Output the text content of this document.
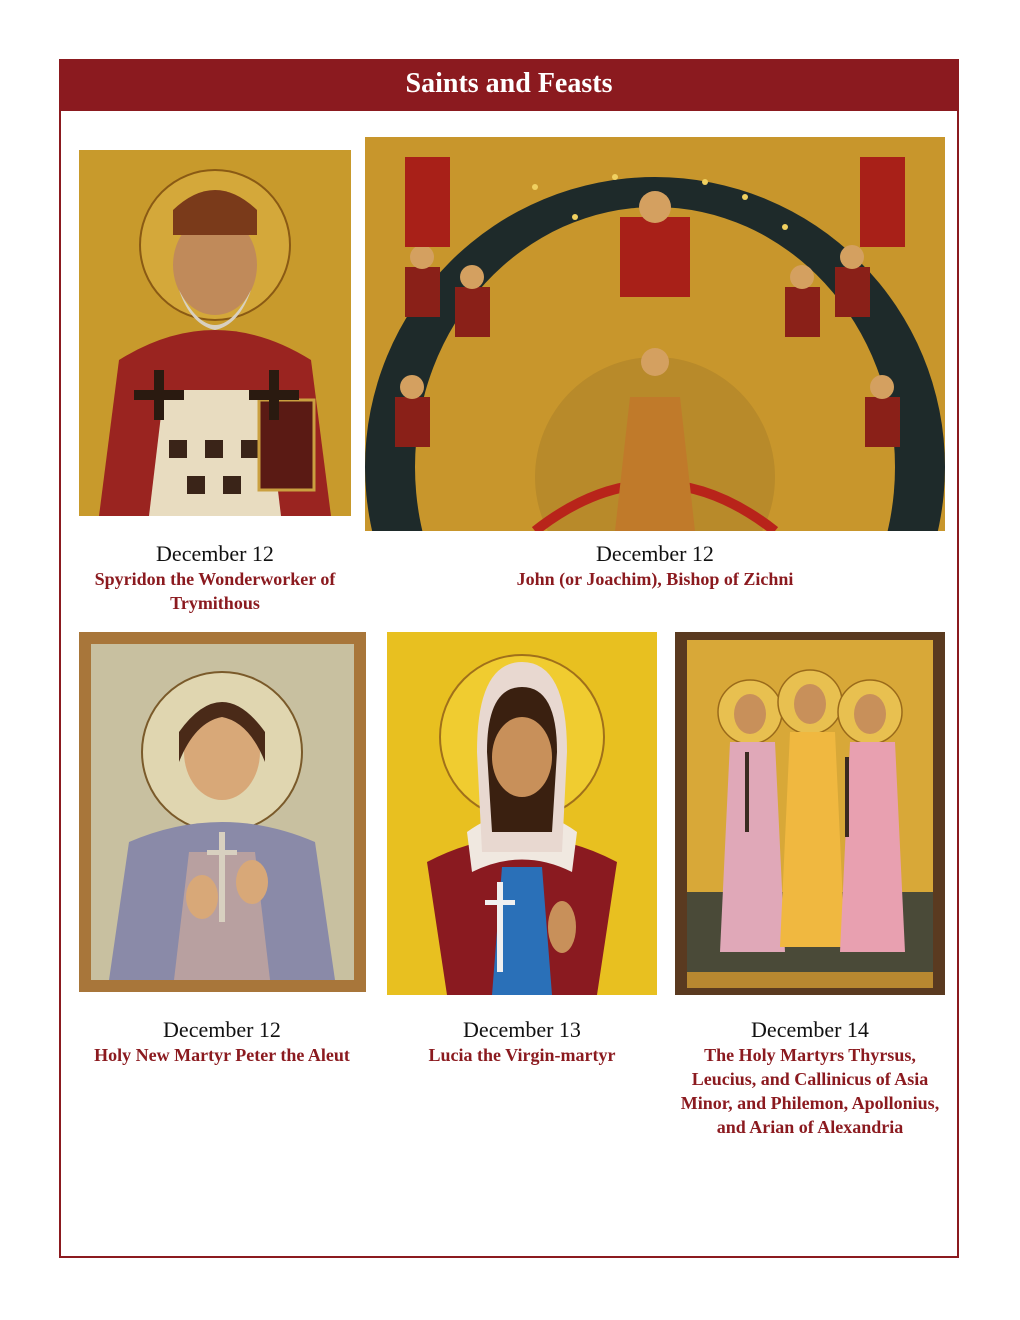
Saints and Feasts
December 12
Spyridon the Wonderworker of Trymithous
December 12
John (or Joachim), Bishop of Zichni
December 12
Holy New Martyr Peter the Aleut
December 13
Lucia the Virgin-martyr
December 14
The Holy Martyrs Thyrsus, Leucius, and Callinicus of Asia Minor, and Philemon, Apollonius, and Arian of Alexandria
